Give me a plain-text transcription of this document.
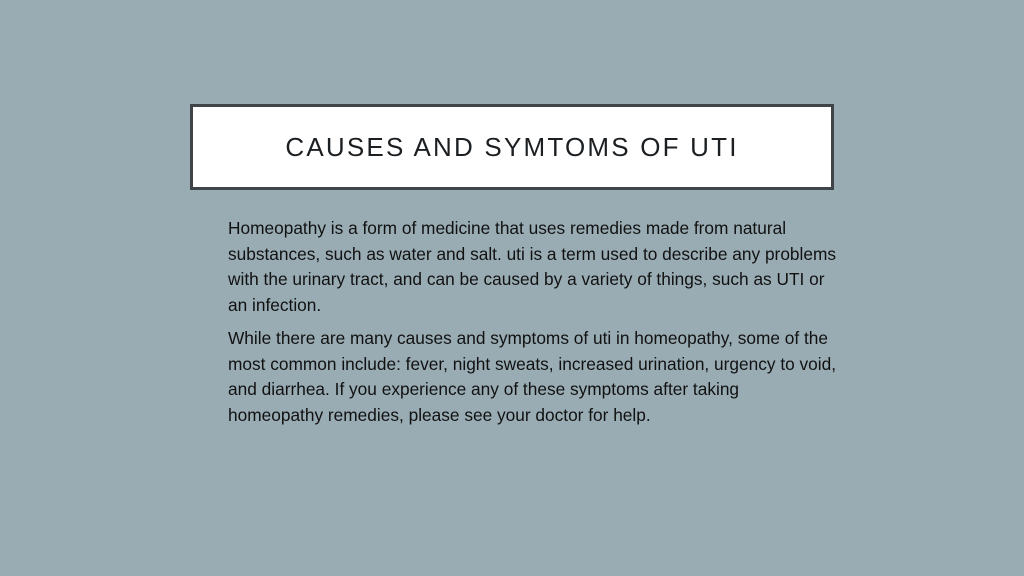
CAUSES AND SYMTOMS OF UTI

Homeopathy is a form of medicine that uses remedies made from natural substances, such as water and salt. uti is a term used to describe any problems with the urinary tract, and can be caused by a variety of things, such as UTI or an infection.

While there are many causes and symptoms of uti in homeopathy, some of the most common include: fever, night sweats, increased urination, urgency to void, and diarrhea. If you experience any of these symptoms after taking homeopathy remedies, please see your doctor for help.
